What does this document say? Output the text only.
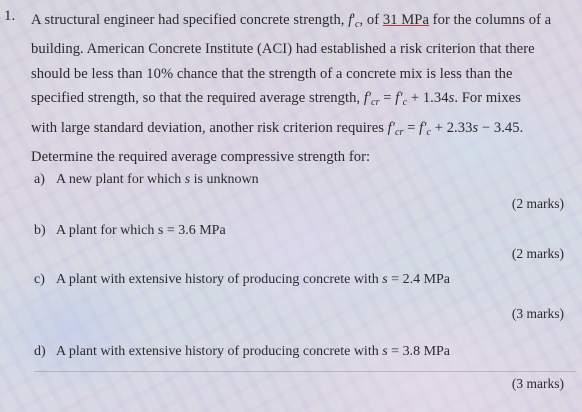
1. A structural engineer had specified concrete strength, $f'_c$, of 31 MPa for the columns of a
building. American Concrete Institute (ACI) had established a risk criterion that there
should be less than 10% chance that the strength of a concrete mix is less than the
specified strength, so that the required average strength, $f'_{cr} = f'_c + 1.34s$. For mixes
with large standard deviation, another risk criterion requires $f'_{cr} = f'_c + 2.33s - 3.45$.
Determine the required average compressive strength for:
a) A new plant for which s is unknown
(2 marks)
b) A plant for which s = 3.6 MPa
(2 marks)
c) A plant with extensive history of producing concrete with s = 2.4 MPa
(3 marks)
d) A plant with extensive history of producing concrete with s = 3.8 MPa
(3 marks)
